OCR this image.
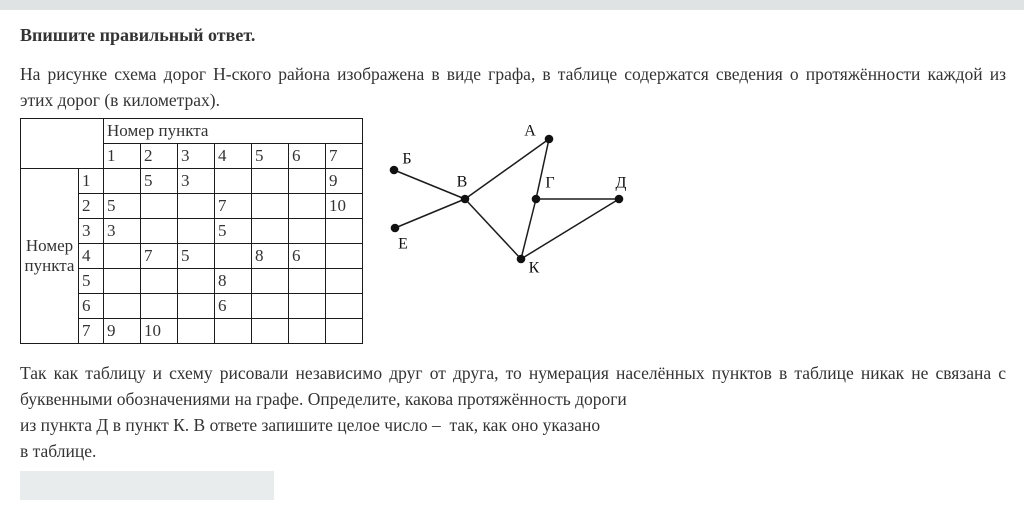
Впишите правильный ответ.
На рисунке схема дорог Н-ского района изображена в виде графа, в таблице содержатся сведения о протяжённости каждой из
этих дорог (в километрах).
		Номер пункта						
		1	2	3	4	5	6	7
Номер пункта	1		5	3				9
	2	5			7			10
	3	3			5			
	4		7	5		8	6	
	5				8			
	6				6			
	7	9	10					
А
Б
В	Г	Д
Е
К
Так как таблицу и схему рисовали независимо друг от друга, то нумерация населённых пунктов в таблице никак не связана с
буквенными обозначениями на графе. Определите, какова протяжённость дороги
из пункта Д в пункт К. В ответе запишите целое число –  так, как оно указано
в таблице.
